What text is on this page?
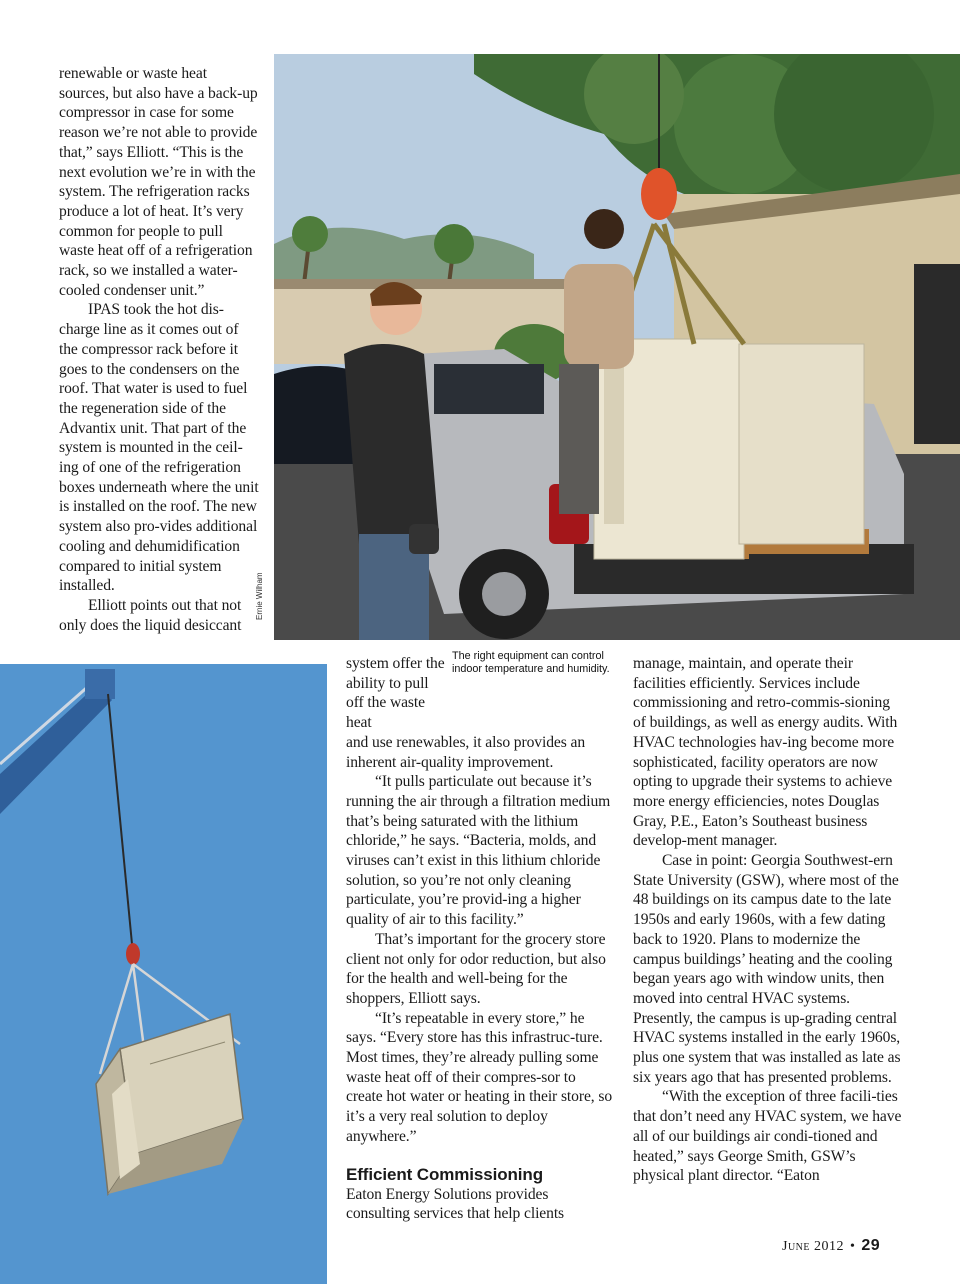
renewable or waste heat sources, but also have a back-up compressor in case for some reason we’re not able to provide that,” says Elliott. “This is the next evolution we’re in with the system. The refrigeration racks produce a lot of heat. It’s very common for people to pull waste heat off of a refrigeration rack, so we installed a water-cooled condenser unit.”

IPAS took the hot dis-charge line as it comes out of the compressor rack before it goes to the condensers on the roof. That water is used to fuel the regeneration side of the Advantix unit. That part of the system is mounted in the ceil-ing of one of the refrigeration boxes underneath where the unit is installed on the roof. The new system also pro-vides additional cooling and dehumidification compared to initial system installed.

Elliott points out that not only does the liquid desiccant

Ernie Wilham
The right equipment can control indoor temperature and humidity.

system offer the ability to pull off the waste heat

and use renewables, it also provides an inherent air-quality improvement.

“It pulls particulate out because it’s running the air through a filtration medium that’s being saturated with the lithium chloride,” he says. “Bacteria, molds, and viruses can’t exist in this lithium chloride solution, so you’re not only cleaning particulate, you’re provid-ing a higher quality of air to this facility.”

That’s important for the grocery store client not only for odor reduction, but also for the health and well-being for the shoppers, Elliott says.

“It’s repeatable in every store,” he says. “Every store has this infrastruc-ture. Most times, they’re already pulling some waste heat off of their compres-sor to create hot water or heating in their store, so it’s a very real solution to deploy anywhere.”

Efficient Commissioning

Eaton Energy Solutions provides consulting services that help clients

manage, maintain, and operate their facilities efficiently. Services include commissioning and retro-commis-sioning of buildings, as well as energy audits. With HVAC technologies hav-ing become more sophisticated, facility operators are now opting to upgrade their systems to achieve more energy efficiencies, notes Douglas Gray, P.E., Eaton’s Southeast business develop-ment manager.

Case in point: Georgia Southwest-ern State University (GSW), where most of the 48 buildings on its campus date to the late 1950s and early 1960s, with a few dating back to 1920. Plans to modernize the campus buildings’ heating and the cooling began years ago with window units, then moved into central HVAC systems. Presently, the campus is up-grading central HVAC systems installed in the early 1960s, plus one system that was installed as late as six years ago that has presented problems.

“With the exception of three facili-ties that don’t need any HVAC system, we have all of our buildings air condi-tioned and heated,” says George Smith, GSW’s physical plant director. “Eaton

June 2012 • 29
